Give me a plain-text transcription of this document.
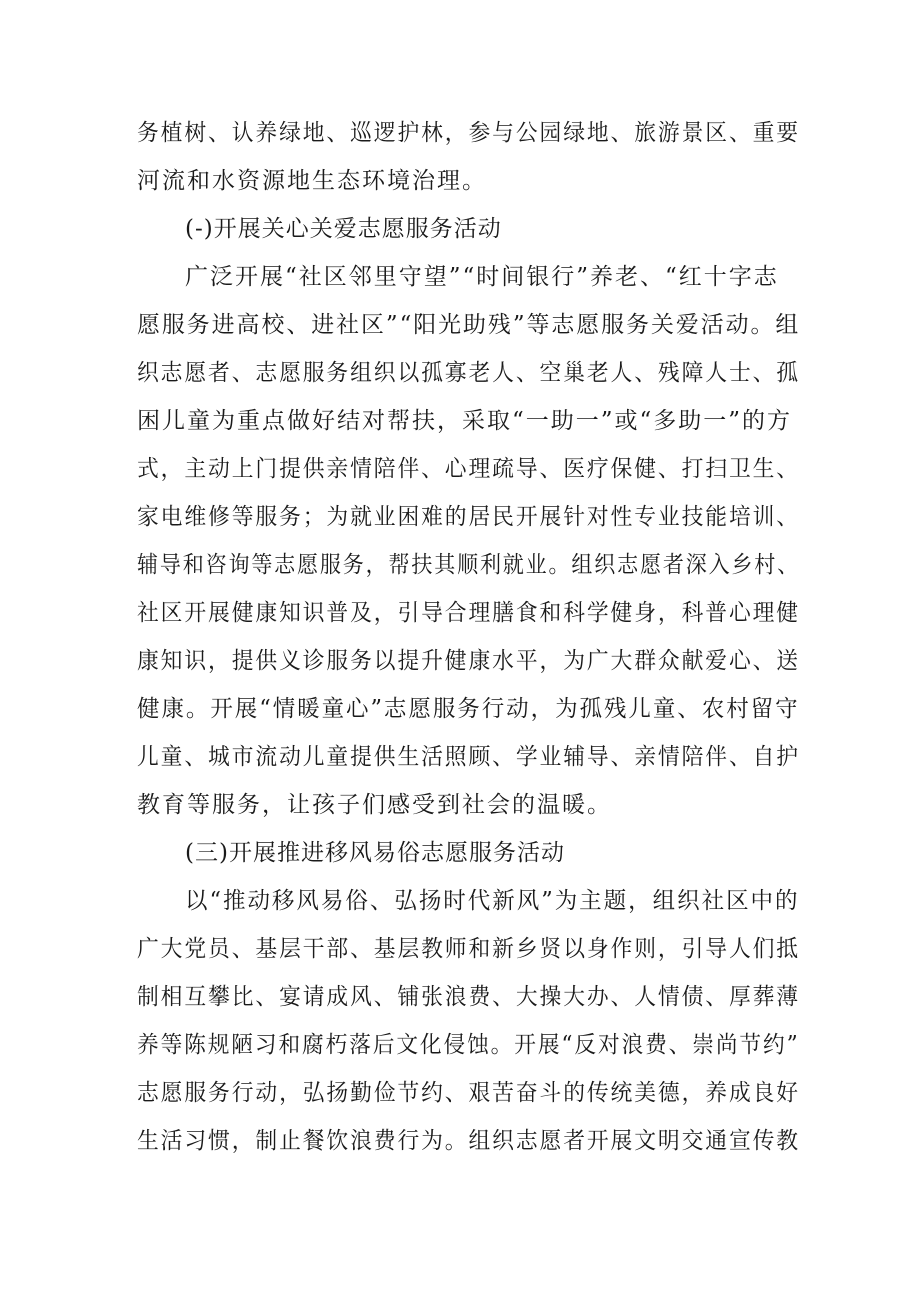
务植树、认养绿地、巡逻护林，参与公园绿地、旅游景区、重要
河流和水资源地生态环境治理。
(-)开展关心关爱志愿服务活动
广泛开展“社区邻里守望”“时间银行”养老、“红十字志
愿服务进高校、进社区”“阳光助残”等志愿服务关爱活动。组
织志愿者、志愿服务组织以孤寡老人、空巢老人、残障人士、孤
困儿童为重点做好结对帮扶，采取“一助一”或“多助一”的方
式，主动上门提供亲情陪伴、心理疏导、医疗保健、打扫卫生、
家电维修等服务；为就业困难的居民开展针对性专业技能培训、
辅导和咨询等志愿服务，帮扶其顺利就业。组织志愿者深入乡村、
社区开展健康知识普及，引导合理膳食和科学健身，科普心理健
康知识，提供义诊服务以提升健康水平，为广大群众献爱心、送
健康。开展“情暖童心”志愿服务行动，为孤残儿童、农村留守
儿童、城市流动儿童提供生活照顾、学业辅导、亲情陪伴、自护
教育等服务，让孩子们感受到社会的温暖。
(三)开展推进移风易俗志愿服务活动
以“推动移风易俗、弘扬时代新风”为主题，组织社区中的
广大党员、基层干部、基层教师和新乡贤以身作则，引导人们抵
制相互攀比、宴请成风、铺张浪费、大操大办、人情债、厚葬薄
养等陈规陋习和腐朽落后文化侵蚀。开展“反对浪费、崇尚节约”
志愿服务行动，弘扬勤俭节约、艰苦奋斗的传统美德，养成良好
生活习惯，制止餐饮浪费行为。组织志愿者开展文明交通宣传教
